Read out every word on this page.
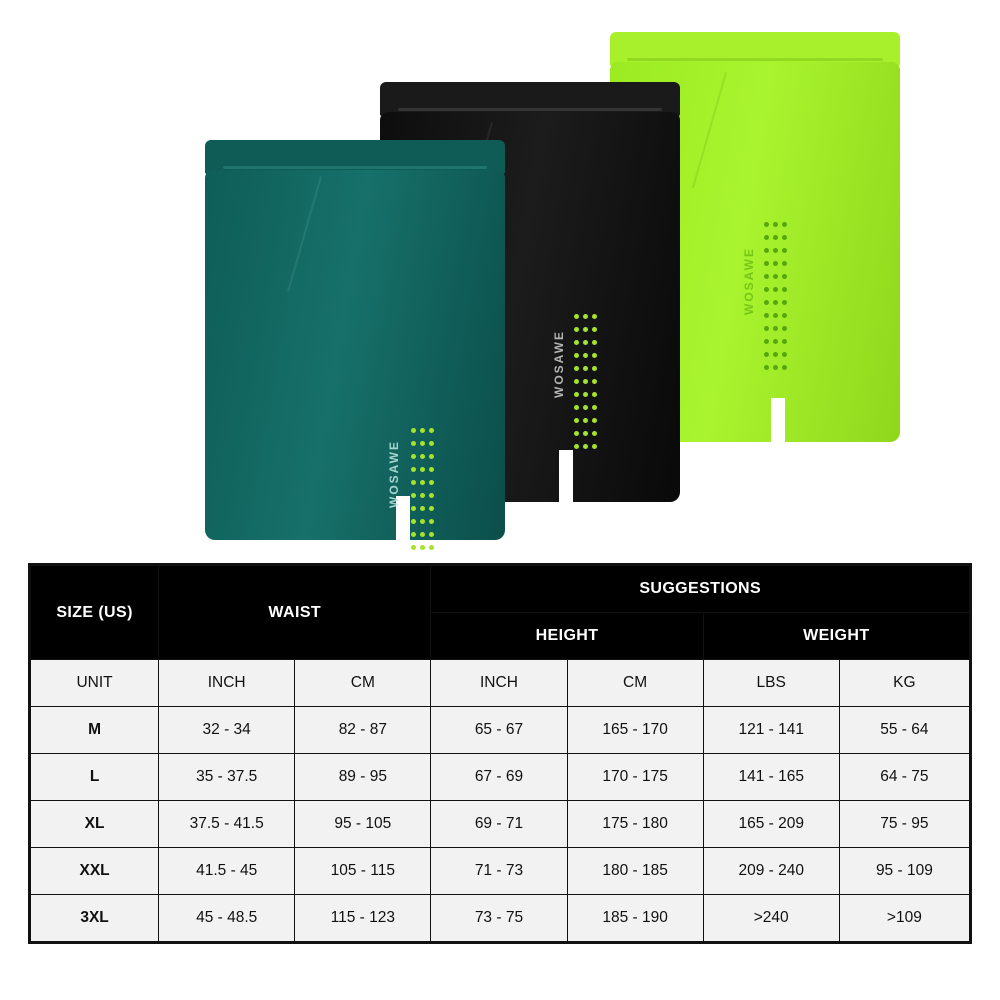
WOSAWE
WOSAWE
WOSAWE
SIZE (US)	WAIST		SUGGESTIONS			
			HEIGHT		WEIGHT	
UNIT	INCH	CM	INCH	CM	LBS	KG
M	32 - 34	82 - 87	65 - 67	165 - 170	121 - 141	55 - 64
L	35 - 37.5	89 - 95	67 - 69	170 - 175	141 - 165	64 - 75
XL	37.5 - 41.5	95 - 105	69 - 71	175 - 180	165 - 209	75 - 95
XXL	41.5 - 45	105 - 115	71 - 73	180 - 185	209 - 240	95 - 109
3XL	45 - 48.5	115 - 123	73 - 75	185 - 190	>240	>109
